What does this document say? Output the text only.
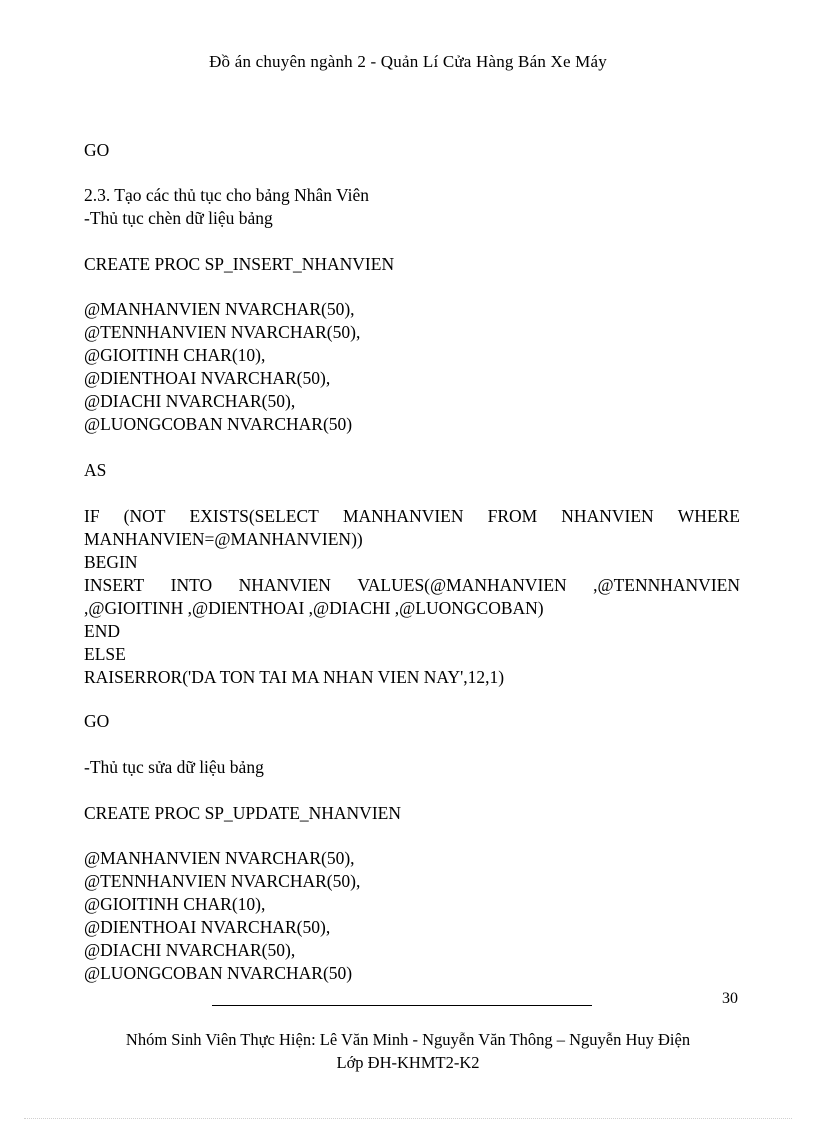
Đồ án chuyên ngành 2 - Quản Lí Cửa Hàng Bán Xe Máy
GO
2.3. Tạo các thủ tục cho bảng Nhân Viên
-Thủ tục chèn dữ liệu bảng
CREATE PROC SP_INSERT_NHANVIEN
@MANHANVIEN NVARCHAR(50),
@TENNHANVIEN NVARCHAR(50),
@GIOITINH CHAR(10),
@DIENTHOAI NVARCHAR(50),
@DIACHI NVARCHAR(50),
@LUONGCOBAN NVARCHAR(50)
AS
IF (NOT EXISTS(SELECT MANHANVIEN FROM NHANVIEN WHERE
MANHANVIEN=@MANHANVIEN))
BEGIN
INSERT INTO NHANVIEN VALUES(@MANHANVIEN ,@TENNHANVIEN
,@GIOITINH ,@DIENTHOAI ,@DIACHI ,@LUONGCOBAN)
END
ELSE
RAISERROR('DA TON TAI MA NHAN VIEN NAY',12,1)
GO
-Thủ tục sửa dữ liệu bảng
CREATE PROC SP_UPDATE_NHANVIEN
@MANHANVIEN NVARCHAR(50),
@TENNHANVIEN NVARCHAR(50),
@GIOITINH CHAR(10),
@DIENTHOAI NVARCHAR(50),
@DIACHI NVARCHAR(50),
@LUONGCOBAN NVARCHAR(50)
30
Nhóm Sinh Viên Thực Hiện: Lê Văn Minh - Nguyễn Văn Thông – Nguyễn Huy Điện
Lớp ĐH-KHMT2-K2
